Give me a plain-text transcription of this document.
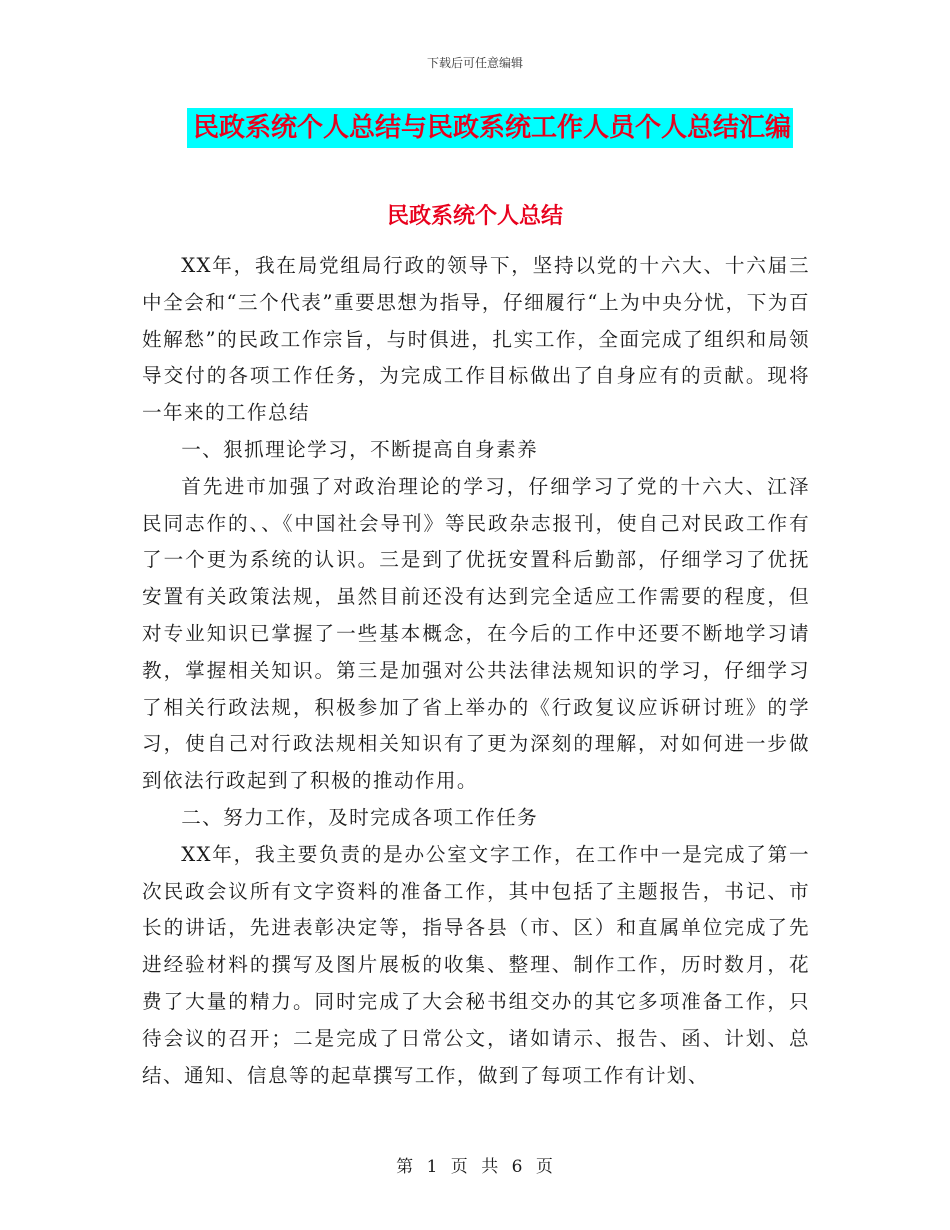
下载后可任意编辑
民政系统个人总结与民政系统工作人员个人总结汇编
民政系统个人总结

XX年，我在局党组局行政的领导下，坚持以党的十六大、十六届三中全会和“三个代表”重要思想为指导，仔细履行“上为中央分忧，下为百姓解愁”的民政工作宗旨，与时俱进，扎实工作，全面完成了组织和局领导交付的各项工作任务，为完成工作目标做出了自身应有的贡献。现将一年来的工作总结

一、狠抓理论学习，不断提高自身素养

首先进市加强了对政治理论的学习，仔细学习了党的十六大、江泽民同志作的、、《中国社会导刊》等民政杂志报刊，使自己对民政工作有了一个更为系统的认识。三是到了优抚安置科后勤部，仔细学习了优抚安置有关政策法规，虽然目前还没有达到完全适应工作需要的程度，但对专业知识已掌握了一些基本概念，在今后的工作中还要不断地学习请教，掌握相关知识。第三是加强对公共法律法规知识的学习，仔细学习了相关行政法规，积极参加了省上举办的《行政复议应诉研讨班》的学习，使自己对行政法规相关知识有了更为深刻的理解，对如何进一步做到依法行政起到了积极的推动作用。

二、努力工作，及时完成各项工作任务

XX年，我主要负责的是办公室文字工作，在工作中一是完成了第一次民政会议所有文字资料的准备工作，其中包括了主题报告，书记、市长的讲话，先进表彰决定等，指导各县（市、区）和直属单位完成了先进经验材料的撰写及图片展板的收集、整理、制作工作，历时数月，花费了大量的精力。同时完成了大会秘书组交办的其它多项准备工作，只待会议的召开；二是完成了日常公文，诸如请示、报告、函、计划、总结、通知、信息等的起草撰写工作，做到了每项工作有计划、

第 1 页 共 6 页
